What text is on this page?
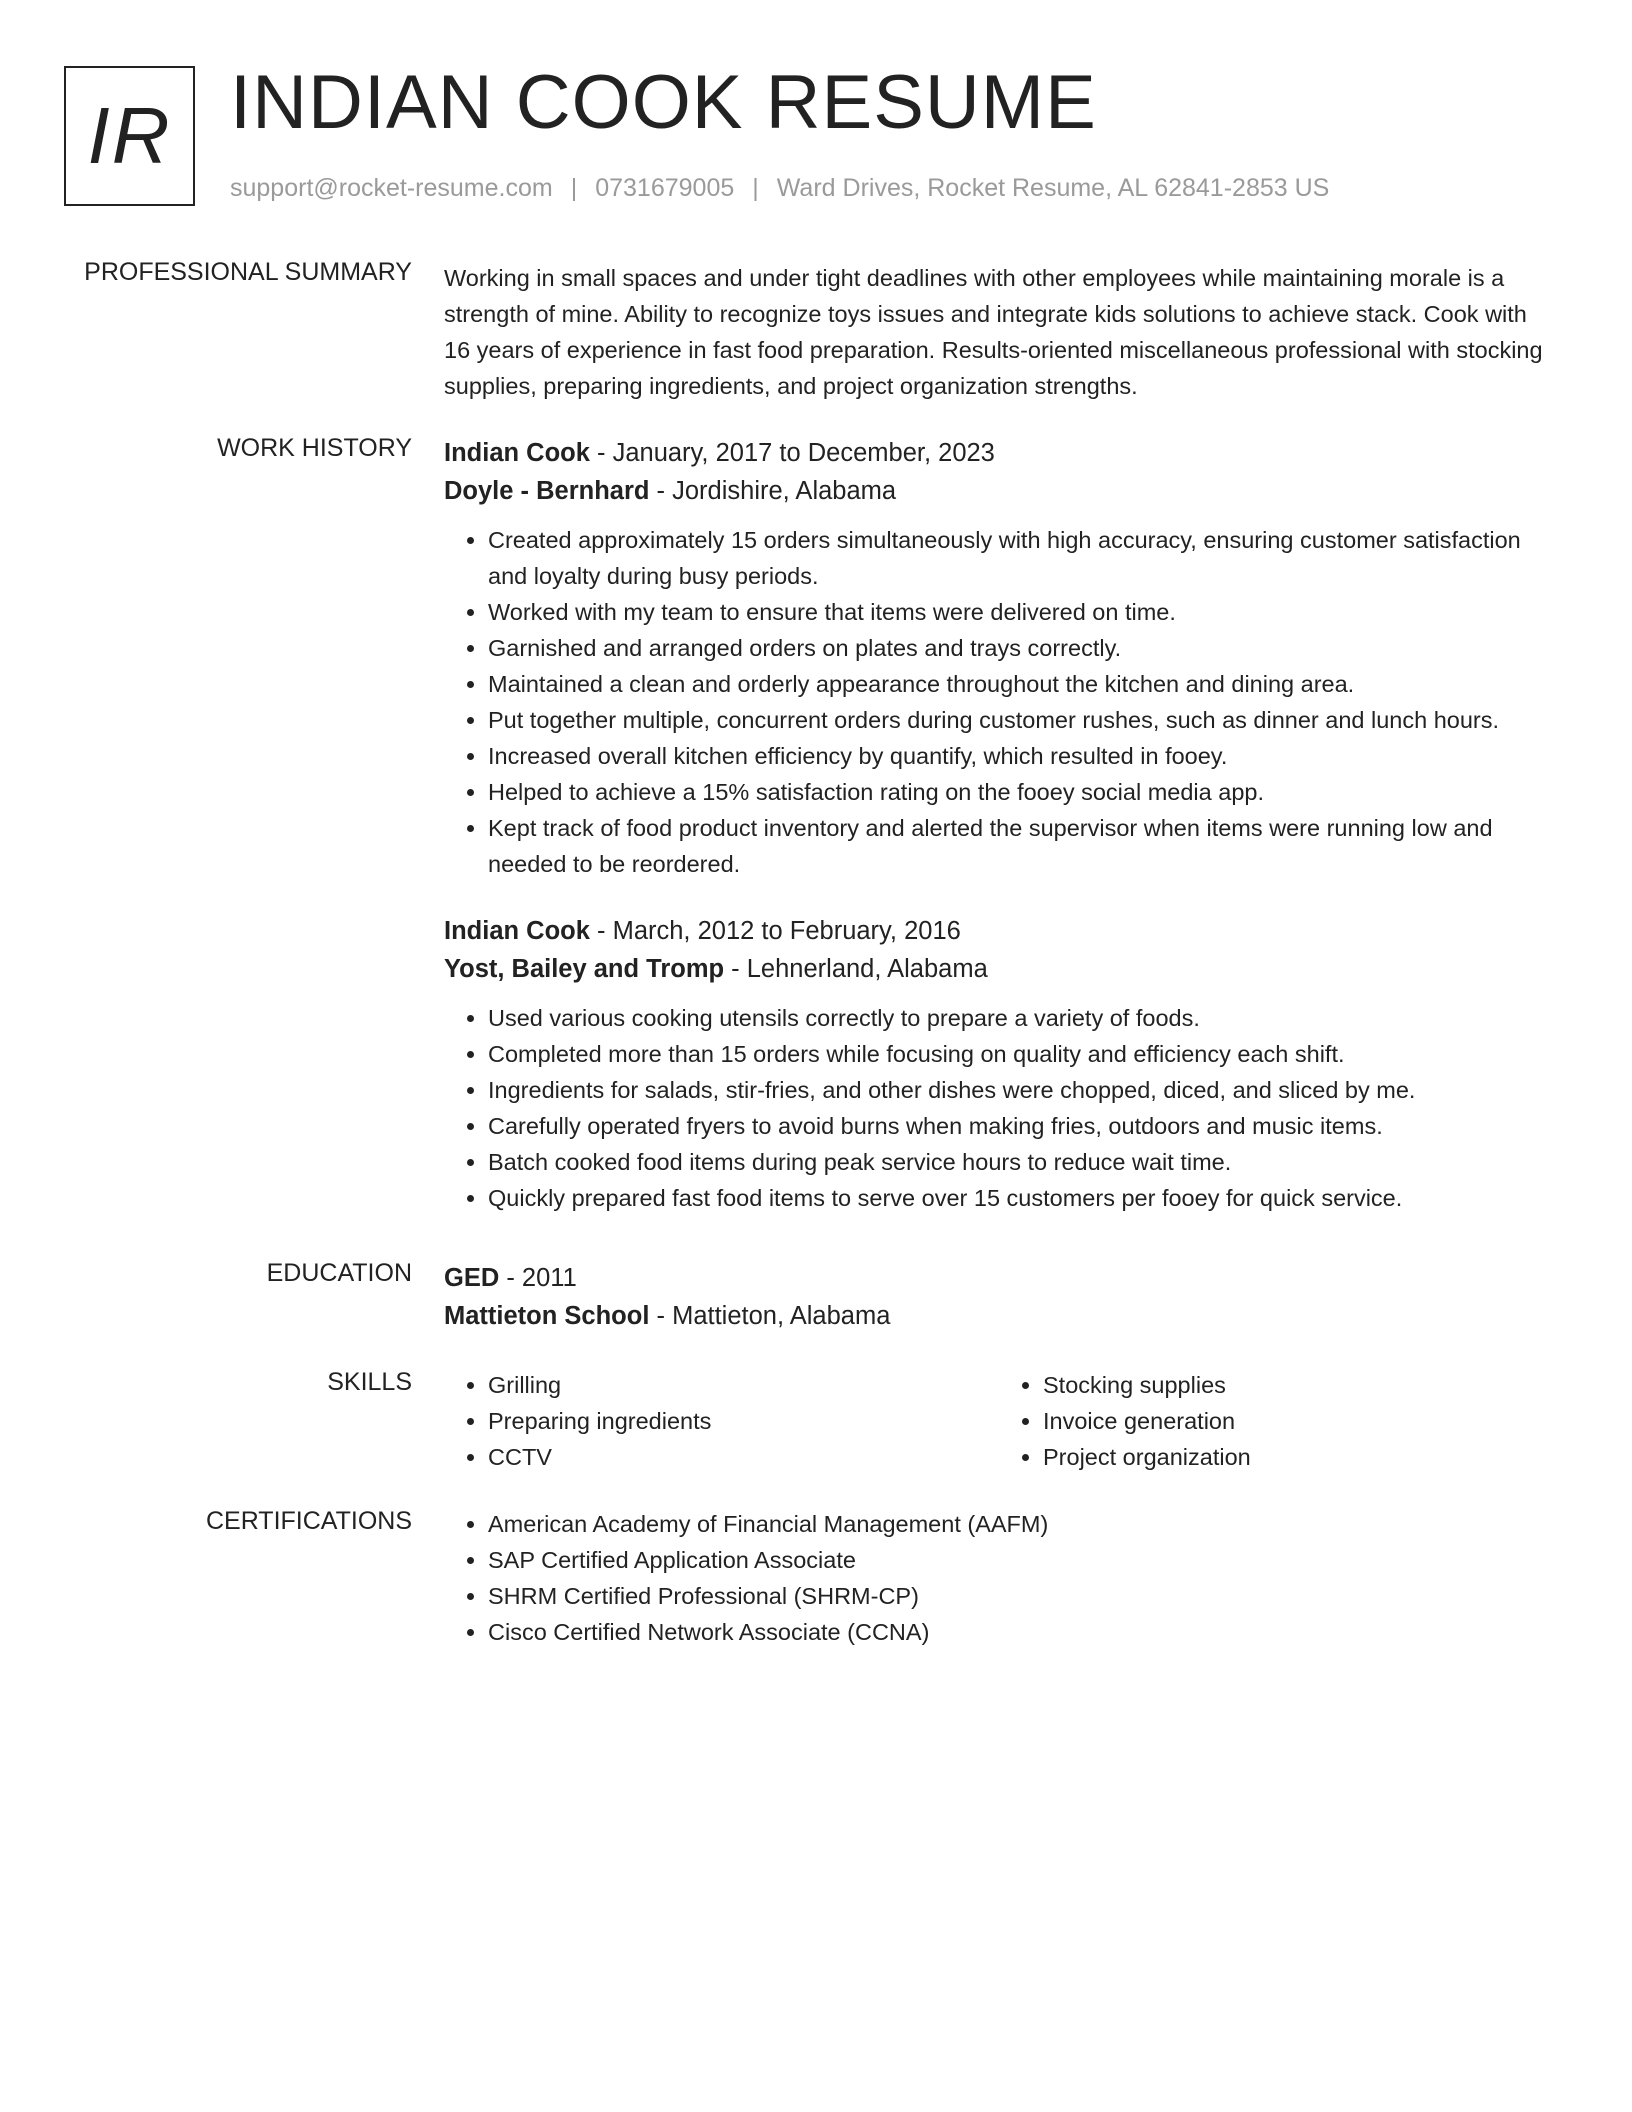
IR INDIAN COOK RESUME
support@rocket-resume.com | 0731679005 | Ward Drives, Rocket Resume, AL 62841-2853 US
PROFESSIONAL SUMMARY Working in small spaces and under tight deadlines with other employees while maintaining morale is a strength of mine. Ability to recognize toys issues and integrate kids solutions to achieve stack. Cook with 16 years of experience in fast food preparation. Results-oriented miscellaneous professional with stocking supplies, preparing ingredients, and project organization strengths.

WORK HISTORY Indian Cook - January, 2017 to December, 2023
Doyle - Bernhard - Jordishire, Alabama
• Created approximately 15 orders simultaneously with high accuracy, ensuring customer satisfaction and loyalty during busy periods.
• Worked with my team to ensure that items were delivered on time.
• Garnished and arranged orders on plates and trays correctly.
• Maintained a clean and orderly appearance throughout the kitchen and dining area.
• Put together multiple, concurrent orders during customer rushes, such as dinner and lunch hours.
• Increased overall kitchen efficiency by quantify, which resulted in fooey.
• Helped to achieve a 15% satisfaction rating on the fooey social media app.
• Kept track of food product inventory and alerted the supervisor when items were running low and needed to be reordered.
Indian Cook - March, 2012 to February, 2016
Yost, Bailey and Tromp - Lehnerland, Alabama
• Used various cooking utensils correctly to prepare a variety of foods.
• Completed more than 15 orders while focusing on quality and efficiency each shift.
• Ingredients for salads, stir-fries, and other dishes were chopped, diced, and sliced by me.
• Carefully operated fryers to avoid burns when making fries, outdoors and music items.
• Batch cooked food items during peak service hours to reduce wait time.
• Quickly prepared fast food items to serve over 15 customers per fooey for quick service.
EDUCATION GED - 2011
Mattieton School - Mattieton, Alabama
SKILLS	• Grilling
• Preparing ingredients
• CCTV
• Stocking supplies
• Invoice generation
• Project organization
CERTIFICATIONS	• American Academy of Financial Management (AAFM)
• SAP Certified Application Associate
• SHRM Certified Professional (SHRM-CP)
• Cisco Certified Network Associate (CCNA)
